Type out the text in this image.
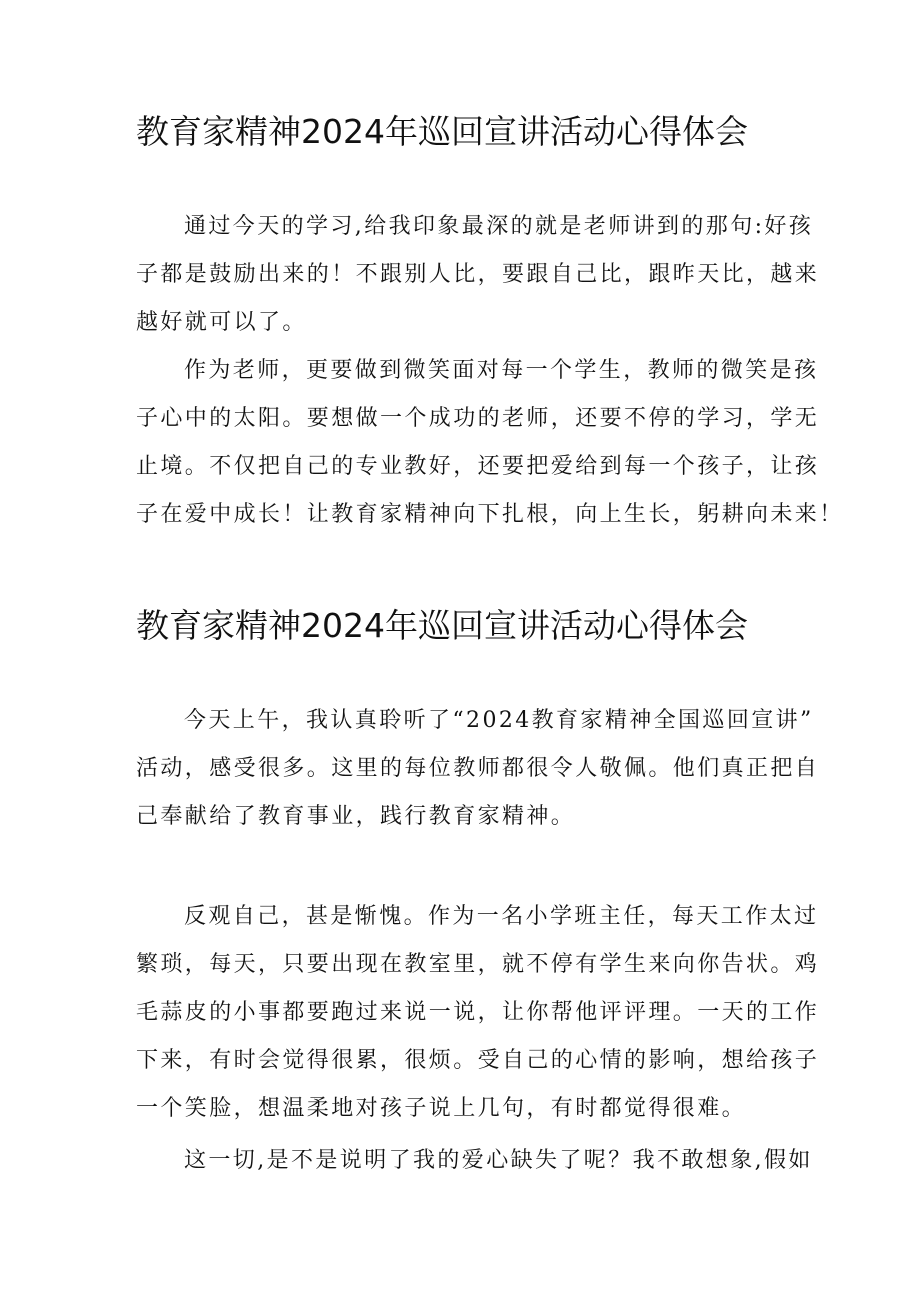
教育家精神2024年巡回宣讲活动心得体会
通过今天的学习,给我印象最深的就是老师讲到的那句:好孩
子都是鼓励出来的！不跟别人比，要跟自己比，跟昨天比，越来
越好就可以了。
作为老师，更要做到微笑面对每一个学生，教师的微笑是孩
子心中的太阳。要想做一个成功的老师，还要不停的学习，学无
止境。不仅把自己的专业教好，还要把爱给到每一个孩子，让孩
子在爱中成长！让教育家精神向下扎根，向上生长，躬耕向未来！
教育家精神2024年巡回宣讲活动心得体会
今天上午，我认真聆听了“2024教育家精神全国巡回宣讲”
活动，感受很多。这里的每位教师都很令人敬佩。他们真正把自
己奉献给了教育事业，践行教育家精神。
反观自己，甚是惭愧。作为一名小学班主任，每天工作太过
繁琐，每天，只要出现在教室里，就不停有学生来向你告状。鸡
毛蒜皮的小事都要跑过来说一说，让你帮他评评理。一天的工作
下来，有时会觉得很累，很烦。受自己的心情的影响，想给孩子
一个笑脸，想温柔地对孩子说上几句，有时都觉得很难。
这一切,是不是说明了我的爱心缺失了呢？我不敢想象,假如
